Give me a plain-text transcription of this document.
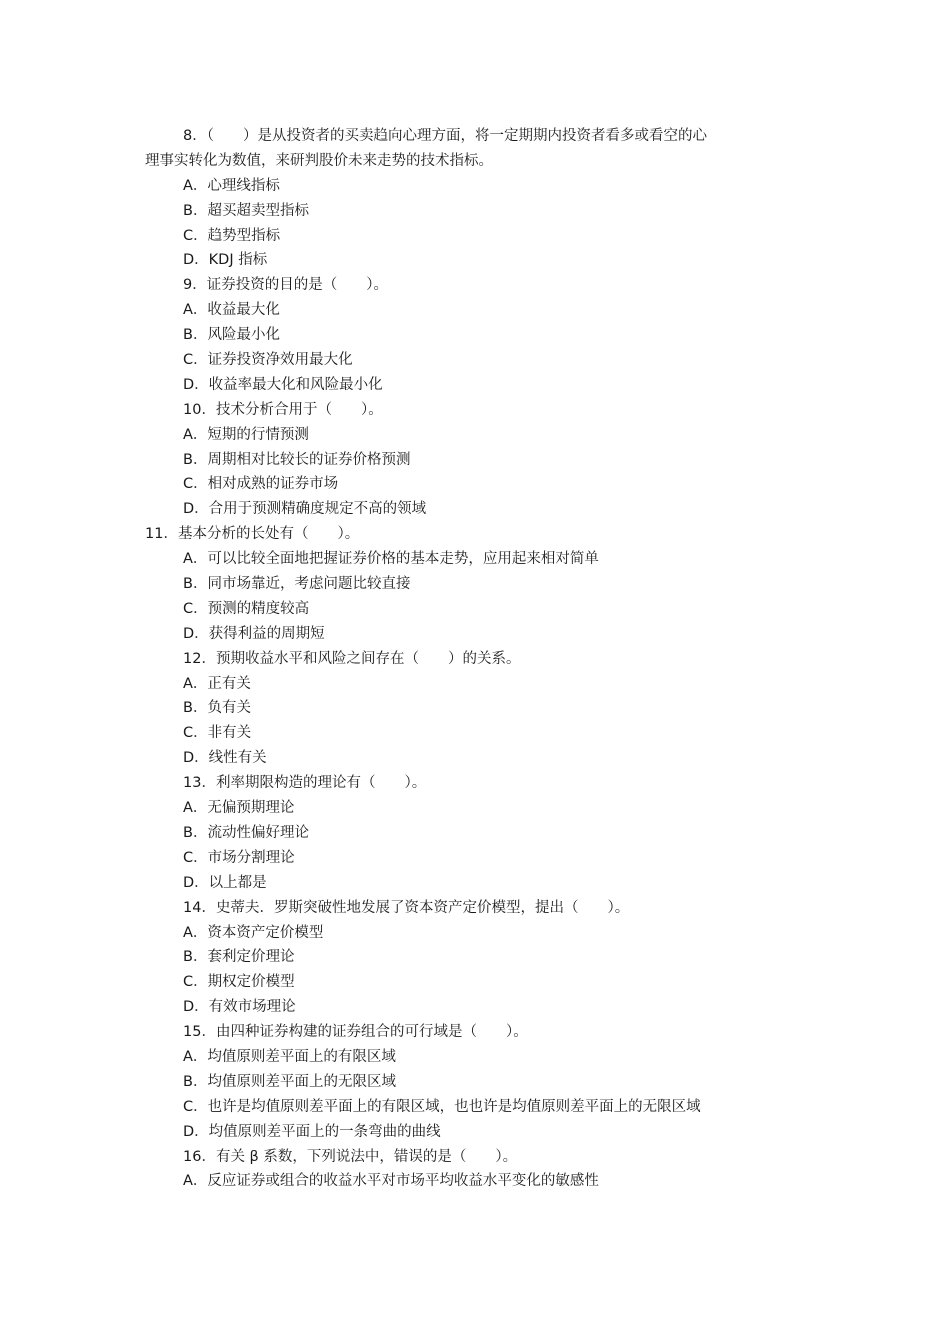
8．（　　）是从投资者的买卖趋向心理方面，将一定期期内投资者看多或看空的心
理事实转化为数值，来研判股价未来走势的技术指标。
A．心理线指标
B．超买超卖型指标
C．趋势型指标
D．KDJ 指标
9．证券投资的目的是（　　）。
A．收益最大化
B．风险最小化
C．证券投资净效用最大化
D．收益率最大化和风险最小化
10．技术分析合用于（　　）。
A．短期的行情预测
B．周期相对比较长的证券价格预测
C．相对成熟的证券市场
D．合用于预测精确度规定不高的领域
11．基本分析的长处有（　　）。
A．可以比较全面地把握证券价格的基本走势，应用起来相对简单
B．同市场靠近，考虑问题比较直接
C．预测的精度较高
D．获得利益的周期短
12．预期收益水平和风险之间存在（　　）的关系。
A．正有关
B．负有关
C．非有关
D．线性有关
13．利率期限构造的理论有（　　）。
A．无偏预期理论
B．流动性偏好理论
C．市场分割理论
D．以上都是
14．史蒂夫．罗斯突破性地发展了资本资产定价模型，提出（　　）。
A．资本资产定价模型
B．套利定价理论
C．期权定价模型
D．有效市场理论
15．由四种证券构建的证券组合的可行域是（　　）。
A．均值原则差平面上的有限区域
B．均值原则差平面上的无限区域
C．也许是均值原则差平面上的有限区域，也也许是均值原则差平面上的无限区域
D．均值原则差平面上的一条弯曲的曲线
16．有关 β 系数，下列说法中，错误的是（　　）。
A．反应证券或组合的收益水平对市场平均收益水平变化的敏感性
